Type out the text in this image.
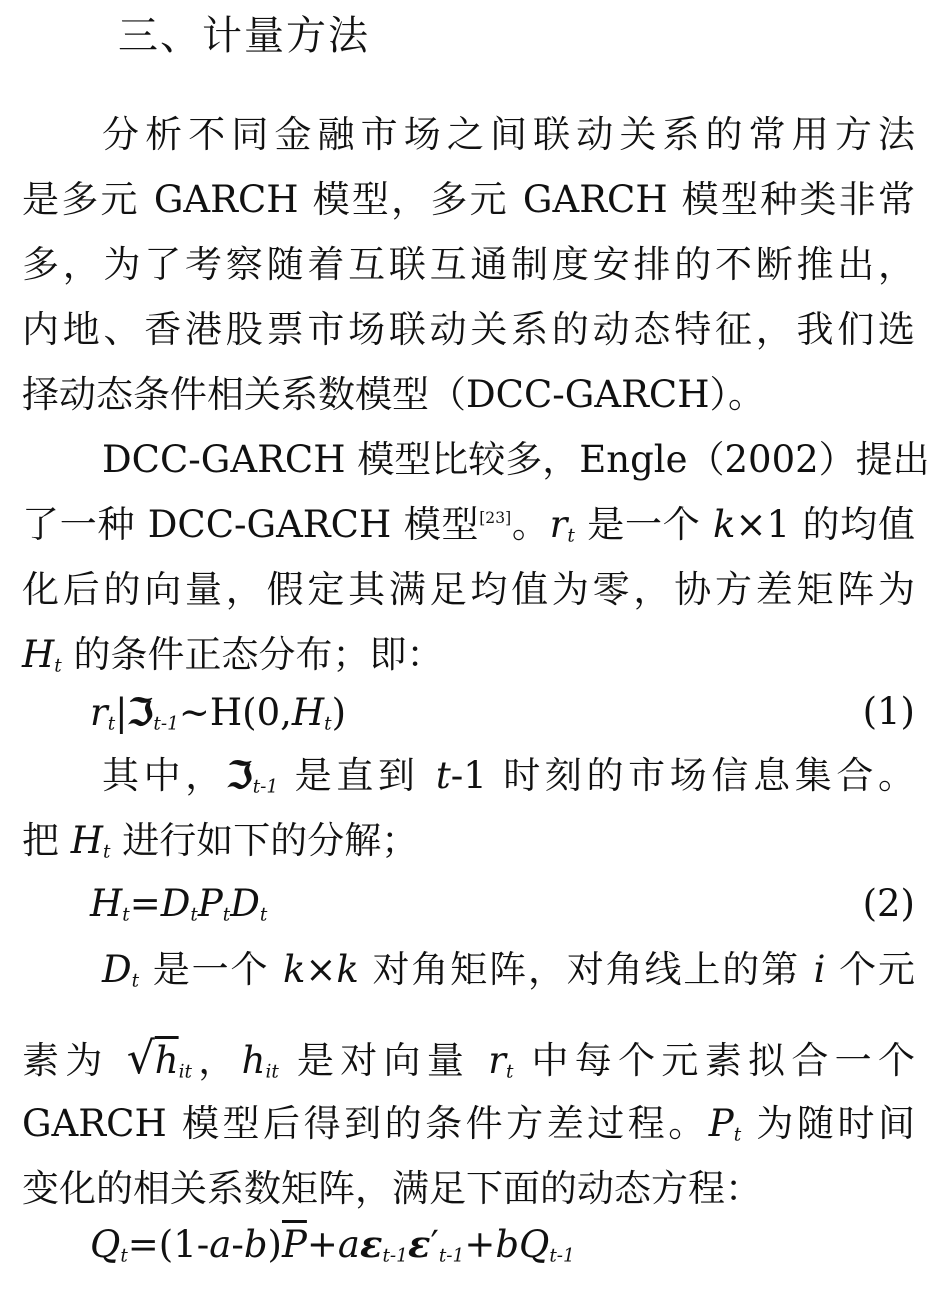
三、计量方法
分析不同金融市场之间联动关系的常用方法
是多元 GARCH 模型，多元 GARCH 模型种类非常
多，为了考察随着互联互通制度安排的不断推出，
内地、香港股票市场联动关系的动态特征，我们选
择动态条件相关系数模型（DCC-GARCH）。
DCC-GARCH 模型比较多，Engle（2002）提出
了一种 DCC-GARCH 模型[23]。$r_t$ 是一个 k×1 的均值
化后的向量，假定其满足均值为零，协方差矩阵为
$H_t$ 的条件正态分布；即：
$r_t|ℑ_{t-1}\sim H(0,H_t)$	(1)
其中，ℑ$_{t-1}$ 是直到 t-1 时刻的市场信息集合。
把 $H_t$ 进行如下的分解；
$H_t=D_tP_tD_t$	(2)
$D_t$ 是一个 k×k 对角矩阵，对角线上的第 i 个元
素为 $√h_{it}$，$h_{it}$ 是对向量 $r_t$ 中每个元素拟合一个
GARCH 模型后得到的条件方差过程。$P_t$ 为随时间
变化的相关系数矩阵，满足下面的动态方程：
$Q_t=(1-a-b)\overline{P}+a\varepsilon_{t-1}\varepsilon'_{t-1}+bQ_{t-1}$
